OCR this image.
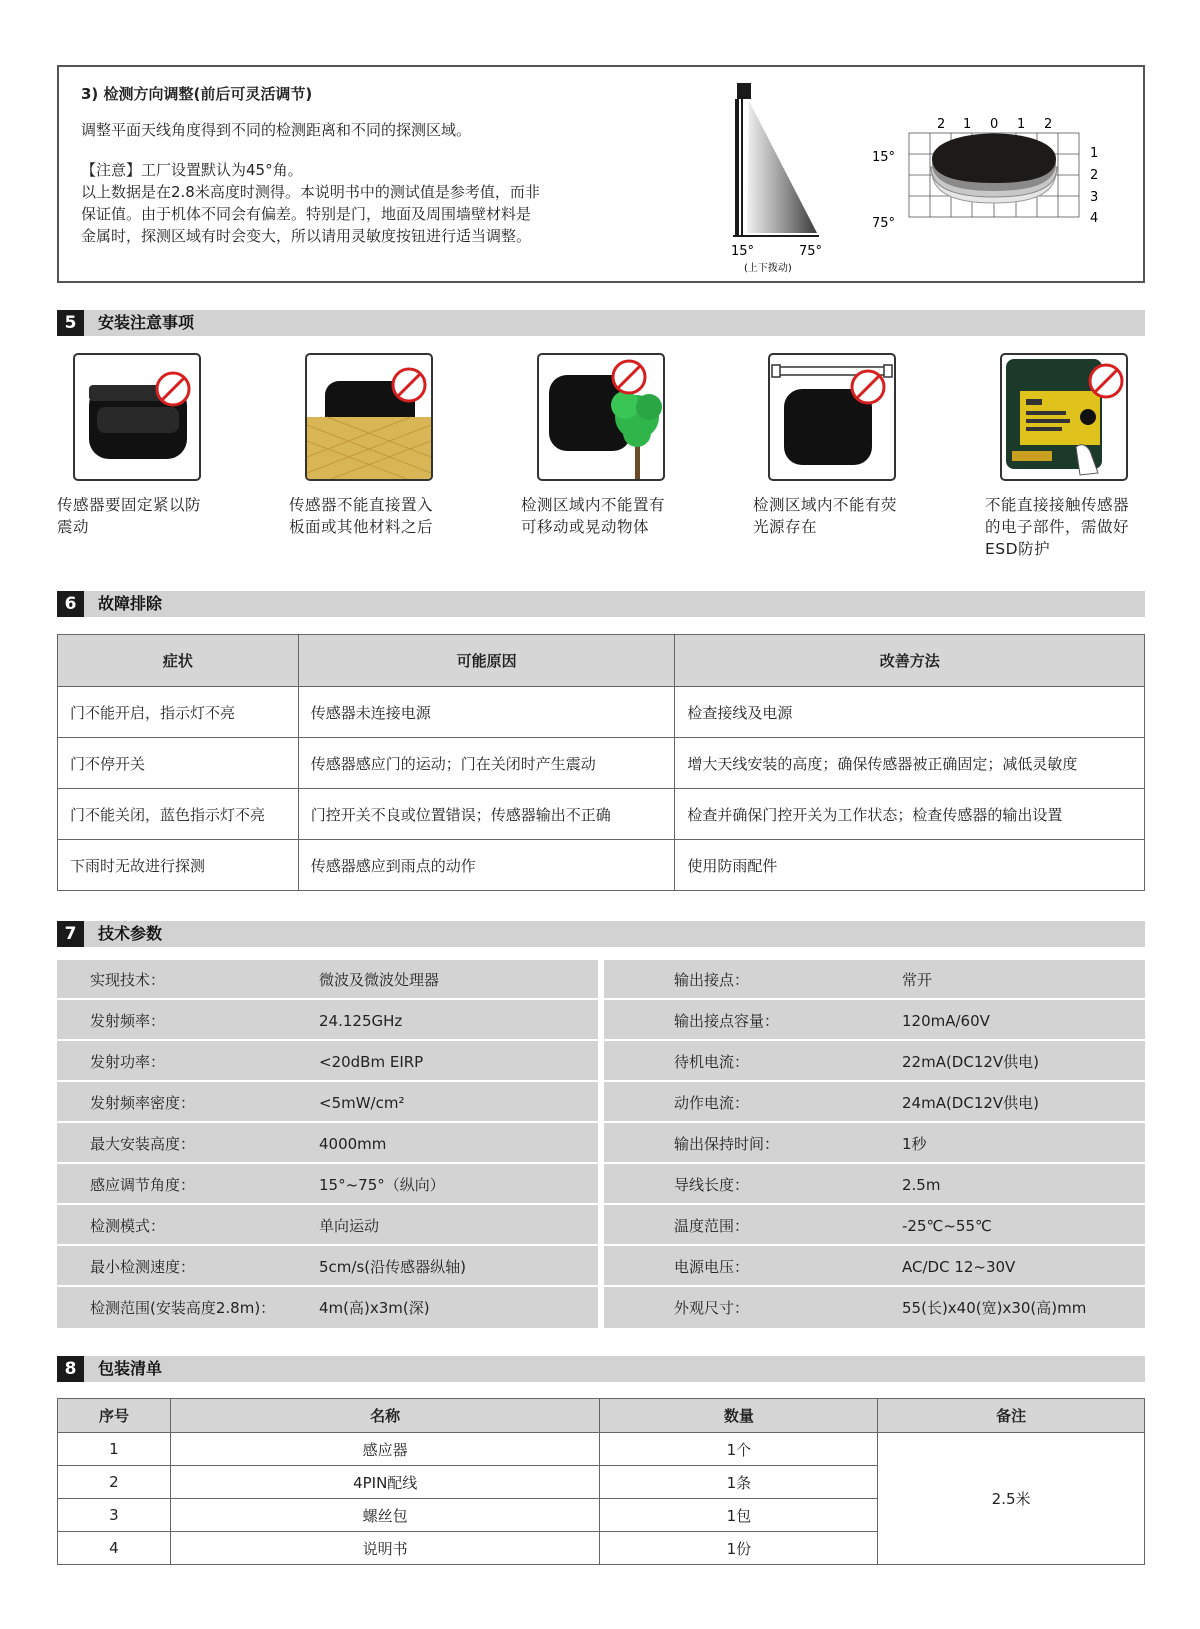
3) 检测方向调整(前后可灵活调节)
调整平面天线角度得到不同的检测距离和不同的探测区域。
【注意】工厂设置默认为45°角。
以上数据是在2.8米高度时测得。本说明书中的测试值是参考值，而非
保证值。由于机体不同会有偏差。特别是门，地面及周围墙壁材料是
金属时，探测区域有时会变大，所以请用灵敏度按钮进行适当调整。
15°	75°
(上下拨动)
2 1 0 1 2
1
2
3
4
15°
75°
5	安装注意事项
传感器要固定紧以防
震动
传感器不能直接置入
板面或其他材料之后
检测区域内不能置有
可移动或晃动物体
检测区域内不能有荧
光源存在
不能直接接触传感器
的电子部件，需做好
ESD防护
6	故障排除
症状	可能原因	改善方法
门不能开启，指示灯不亮	传感器未连接电源	检查接线及电源
门不停开关	传感器感应门的运动；门在关闭时产生震动	增大天线安装的高度；确保传感器被正确固定；减低灵敏度
门不能关闭，蓝色指示灯不亮	门控开关不良或位置错误；传感器输出不正确	检查并确保门控开关为工作状态；检查传感器的输出设置
下雨时无故进行探测	传感器感应到雨点的动作	使用防雨配件
7	技术参数
实现技术：	微波及微波处理器
发射频率：	24.125GHz
发射功率：	<20dBm EIRP
发射频率密度：	<5mW/cm²
最大安装高度：	4000mm
感应调节角度：	15°~75°（纵向）
检测模式：	单向运动
最小检测速度：	5cm/s(沿传感器纵轴)
检测范围(安装高度2.8m)：	4m(高)x3m(深)
输出接点：	常开
输出接点容量：	120mA/60V
待机电流：	22mA(DC12V供电)
动作电流：	24mA(DC12V供电)
输出保持时间：	1秒
导线长度：	2.5m
温度范围：	-25℃~55℃
电源电压：	AC/DC 12~30V
外观尺寸：	55(长)x40(宽)x30(高)mm
8	包装清单
序号	名称	数量	备注
1	感应器	1个	2.5米
2	4PIN配线	1条	
3	螺丝包	1包	
4	说明书	1份	
